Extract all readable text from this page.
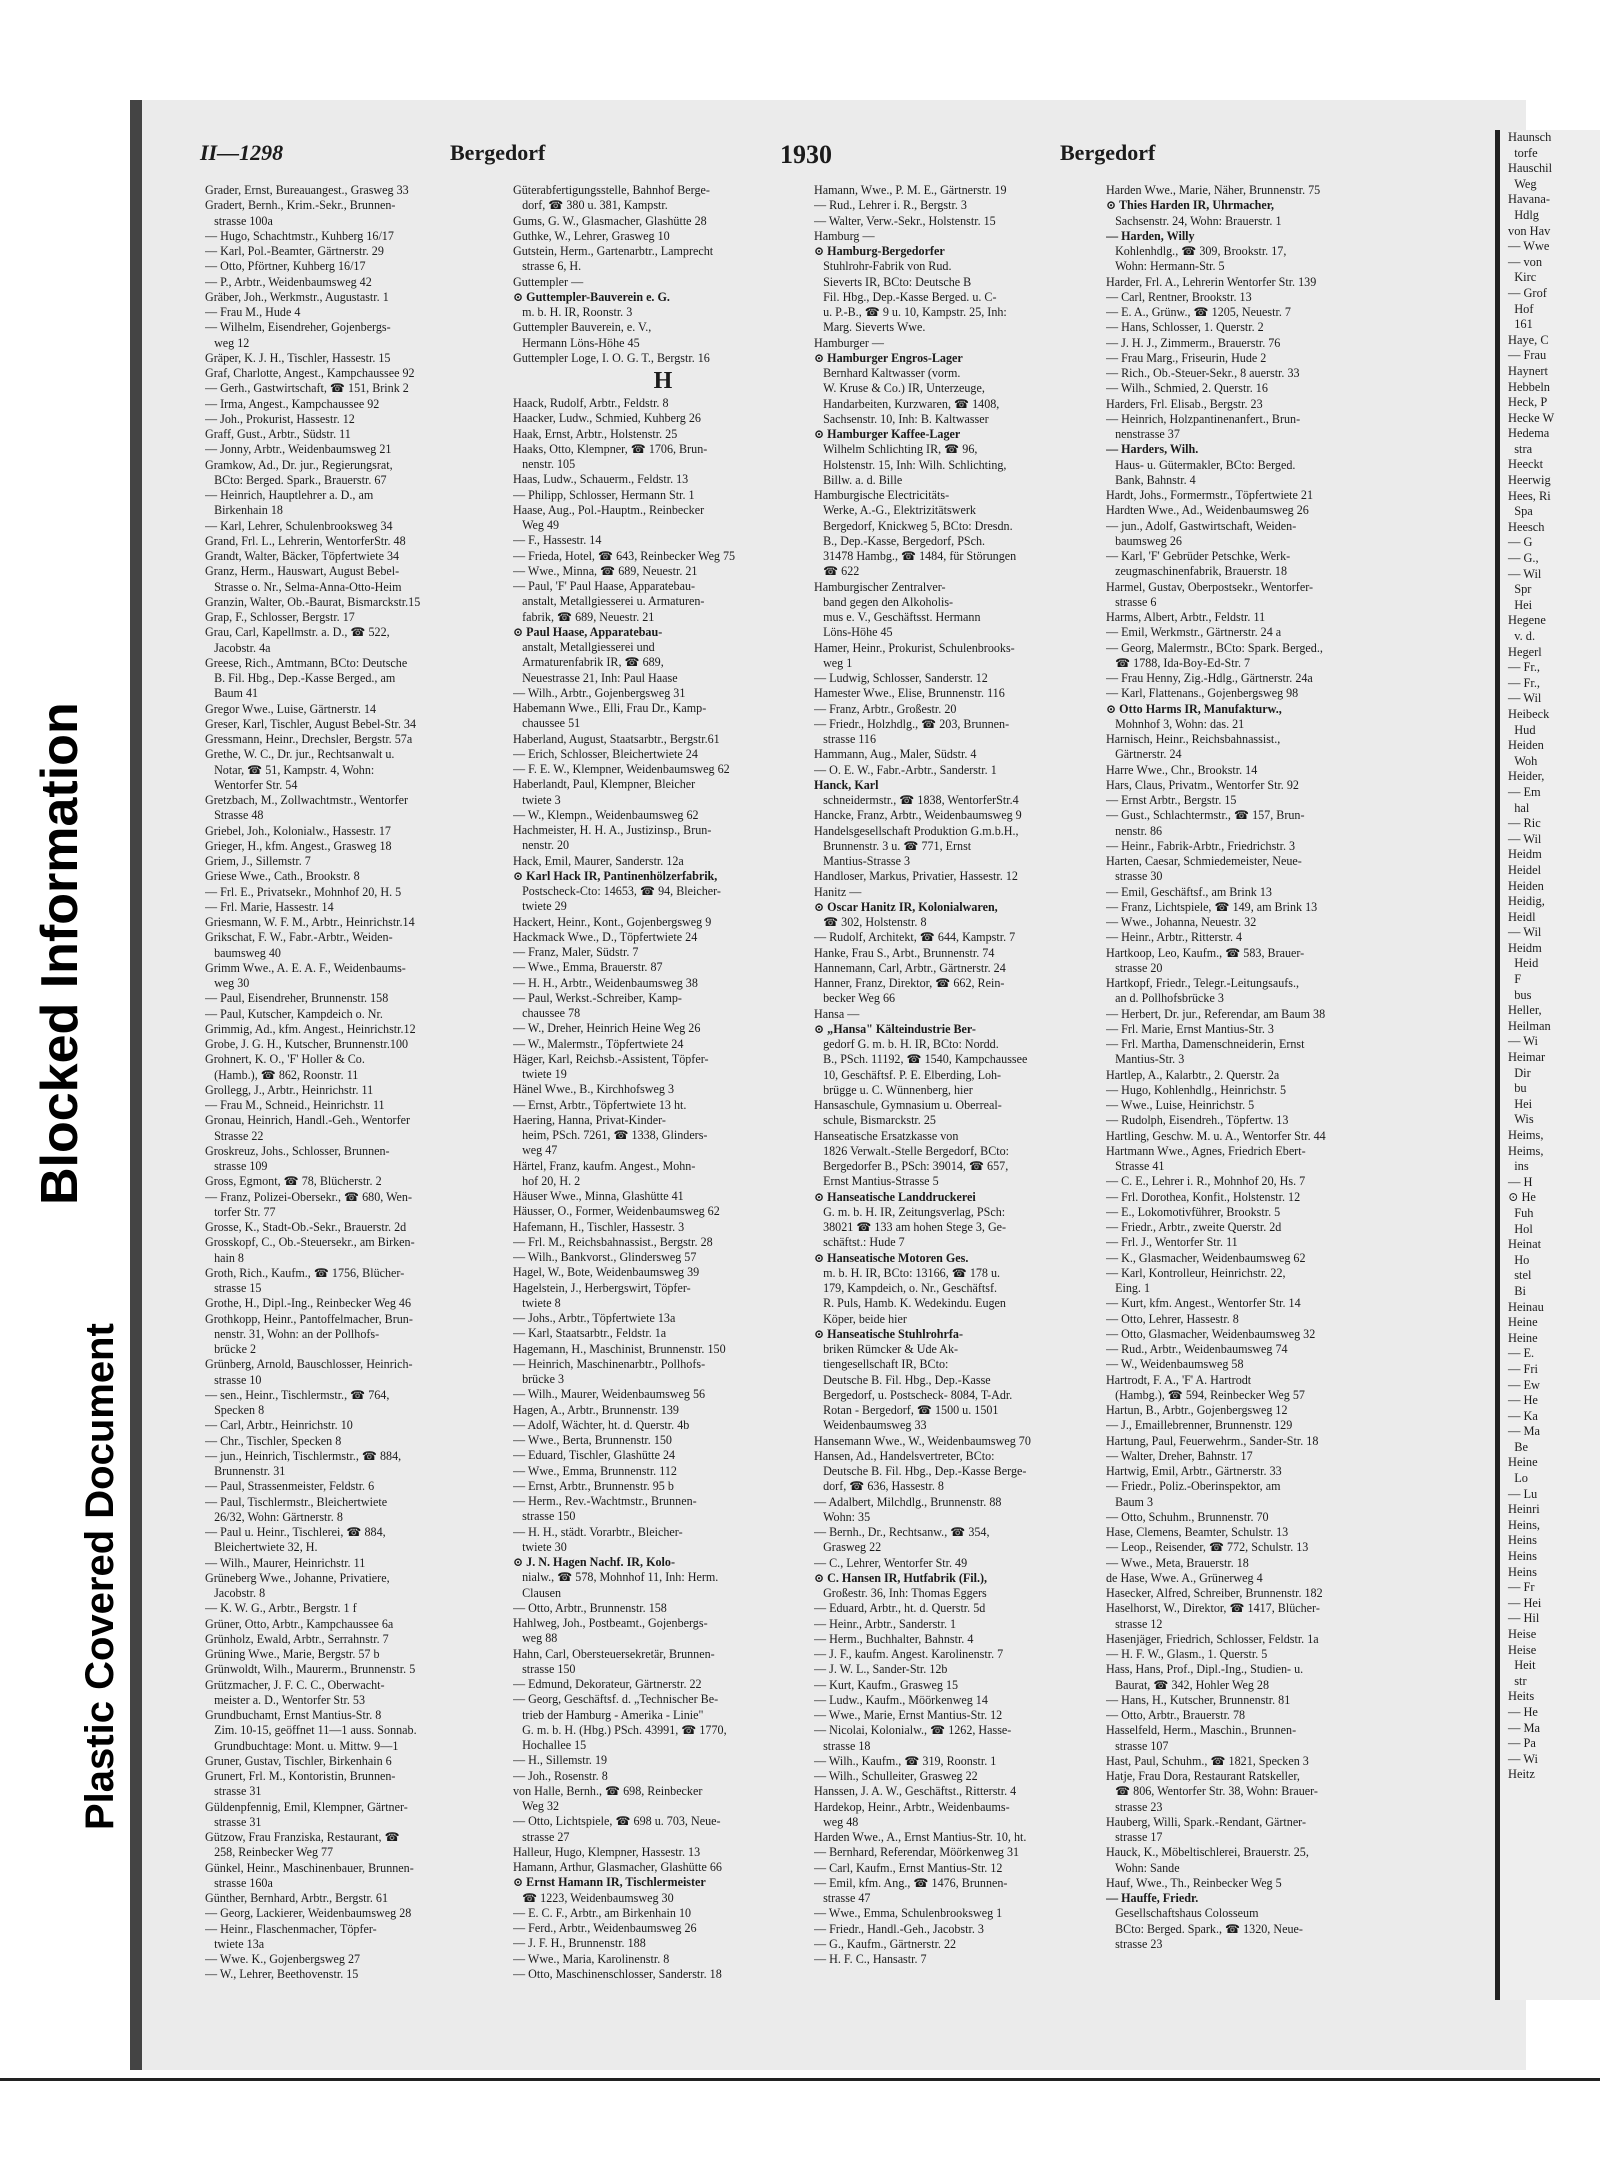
Blocked Information
Plastic Covered Document
Haunsch
torfe
Hauschil
Weg
Havana-
Hdlg
von Hav
— Wwe
— von
Kirc
— Grof
Hof
161
Haye, C
— Frau
Haynert
Hebbeln
Heck, P
Hecke W
Hedema
stra
Heeckt
Heerwig
Hees, Ri
Spa
Heesch
— G
— G.,
— Wil
Spr
Hei
Hegene
v. d.
Hegerl
— Fr.,
— Fr.,
— Wil
Heibeck
Hud
Heiden
Woh
Heider,
— Em
hal
— Ric
— Wil
Heidm
Heidel
Heiden
Heidig,
Heidl
— Wil
Heidm
Heid
F
bus
Heller,
Heilman
— Wi
Heimar
Dir
bu
Hei
Wis
Heims,
Heims,
ins
— H
⊙ He
Fuh
Hol
Heinat
Ho
stel
Bi
Heinau
Heine
Heine
— E.
— Fri
— Ew
— He
— Ka
— Ma
Be
Heine
Lo
— Lu
Heinri
Heins,
Heins
Heins
Heins
— Fr
— Hei
— Hil
Heise
Heise
Heit
str
Heits
— He
— Ma
— Pa
— Wi
Heitz
II—1298	Bergedorf	1930	Bergedorf
Grader, Ernst, Bureauangest., Grasweg 33
Gradert, Bernh., Krim.-Sekr., Brunnen-
strasse 100a
— Hugo, Schachtmstr., Kuhberg 16/17
— Karl, Pol.-Beamter, Gärtnerstr. 29
— Otto, Pförtner, Kuhberg 16/17
— P., Arbtr., Weidenbaumsweg 42
Gräber, Joh., Werkmstr., Augustastr. 1
— Frau M., Hude 4
— Wilhelm, Eisendreher, Gojenbergs-
weg 12
Gräper, K. J. H., Tischler, Hassestr. 15
Graf, Charlotte, Angest., Kampchaussee 92
— Gerh., Gastwirtschaft, ☎ 151, Brink 2
— Irma, Angest., Kampchaussee 92
— Joh., Prokurist, Hassestr. 12
Graff, Gust., Arbtr., Südstr. 11
— Jonny, Arbtr., Weidenbaumsweg 21
Gramkow, Ad., Dr. jur., Regierungsrat,
BCto: Berged. Spark., Brauerstr. 67
— Heinrich, Hauptlehrer a. D., am
Birkenhain 18
— Karl, Lehrer, Schulenbrooksweg 34
Grand, Frl. L., Lehrerin, WentorferStr. 48
Grandt, Walter, Bäcker, Töpfertwiete 34
Granz, Herm., Hauswart, August Bebel-
Strasse o. Nr., Selma-Anna-Otto-Heim
Granzin, Walter, Ob.-Baurat, Bismarckstr.15
Grap, F., Schlosser, Bergstr. 17
Grau, Carl, Kapellmstr. a. D., ☎ 522,
Jacobstr. 4a
Greese, Rich., Amtmann, BCto: Deutsche
B. Fil. Hbg., Dep.-Kasse Berged., am
Baum 41
Gregor Wwe., Luise, Gärtnerstr. 14
Greser, Karl, Tischler, August Bebel-Str. 34
Gressmann, Heinr., Drechsler, Bergstr. 57a
Grethe, W. C., Dr. jur., Rechtsanwalt u.
Notar, ☎ 51, Kampstr. 4, Wohn:
Wentorfer Str. 54
Gretzbach, M., Zollwachtmstr., Wentorfer
Strasse 48
Griebel, Joh., Kolonialw., Hassestr. 17
Grieger, H., kfm. Angest., Grasweg 18
Griem, J., Sillemstr. 7
Griese Wwe., Cath., Brookstr. 8
— Frl. E., Privatsekr., Mohnhof 20, H. 5
— Frl. Marie, Hassestr. 14
Griesmann, W. F. M., Arbtr., Heinrichstr.14
Grikschat, F. W., Fabr.-Arbtr., Weiden-
baumsweg 40
Grimm Wwe., A. E. A. F., Weidenbaums-
weg 30
— Paul, Eisendreher, Brunnenstr. 158
— Paul, Kutscher, Kampdeich o. Nr.
Grimmig, Ad., kfm. Angest., Heinrichstr.12
Grobe, J. G. H., Kutscher, Brunnenstr.100
Grohnert, K. O., 'F' Holler & Co.
(Hamb.), ☎ 862, Roonstr. 11
Grollegg, J., Arbtr., Heinrichstr. 11
— Frau M., Schneid., Heinrichstr. 11
Gronau, Heinrich, Handl.-Geh., Wentorfer
Strasse 22
Groskreuz, Johs., Schlosser, Brunnen-
strasse 109
Gross, Egmont, ☎ 78, Blücherstr. 2
— Franz, Polizei-Obersekr., ☎ 680, Wen-
torfer Str. 77
Grosse, K., Stadt-Ob.-Sekr., Brauerstr. 2d
Grosskopf, C., Ob.-Steuersekr., am Birken-
hain 8
Groth, Rich., Kaufm., ☎ 1756, Blücher-
strasse 15
Grothe, H., Dipl.-Ing., Reinbecker Weg 46
Grothkopp, Heinr., Pantoffelmacher, Brun-
nenstr. 31, Wohn: an der Pollhofs-
brücke 2
Grünberg, Arnold, Bauschlosser, Heinrich-
strasse 10
— sen., Heinr., Tischlermstr., ☎ 764,
Specken 8
— Carl, Arbtr., Heinrichstr. 10
— Chr., Tischler, Specken 8
— jun., Heinrich, Tischlermstr., ☎ 884,
Brunnenstr. 31
— Paul, Strassenmeister, Feldstr. 6
— Paul, Tischlermstr., Bleichertwiete
26/32, Wohn: Gärtnerstr. 8
— Paul u. Heinr., Tischlerei, ☎ 884,
Bleichertwiete 32, H.
— Wilh., Maurer, Heinrichstr. 11
Grüneberg Wwe., Johanne, Privatiere,
Jacobstr. 8
— K. W. G., Arbtr., Bergstr. 1 f
Grüner, Otto, Arbtr., Kampchaussee 6a
Grünholz, Ewald, Arbtr., Serrahnstr. 7
Grüning Wwe., Marie, Bergstr. 57 b
Grünwoldt, Wilh., Maurerm., Brunnenstr. 5
Grützmacher, J. F. C. C., Oberwacht-
meister a. D., Wentorfer Str. 53
Grundbuchamt, Ernst Mantius-Str. 8
Zim. 10-15, geöffnet 11—1 auss. Sonnab.
Grundbuchtage: Mont. u. Mittw. 9—1
Gruner, Gustav, Tischler, Birkenhain 6
Grunert, Frl. M., Kontoristin, Brunnen-
strasse 31
Güldenpfennig, Emil, Klempner, Gärtner-
strasse 31
Gützow, Frau Franziska, Restaurant, ☎
258, Reinbecker Weg 77
Günkel, Heinr., Maschinenbauer, Brunnen-
strasse 160a
Günther, Bernhard, Arbtr., Bergstr. 61
— Georg, Lackierer, Weidenbaumsweg 28
— Heinr., Flaschenmacher, Töpfer-
twiete 13a
— Wwe. K., Gojenbergsweg 27
— W., Lehrer, Beethovenstr. 15
Güterabfertigungsstelle, Bahnhof Berge-
dorf, ☎ 380 u. 381, Kampstr.
Gums, G. W., Glasmacher, Glashütte 28
Guthke, W., Lehrer, Grasweg 10
Gutstein, Herm., Gartenarbtr., Lamprecht
strasse 6, H.
Guttempler —
⊙ Guttempler-Bauverein e. G.
m. b. H. IR, Roonstr. 3
Guttempler Bauverein, e. V.,
Hermann Löns-Höhe 45
Guttempler Loge, I. O. G. T., Bergstr. 16
H
Haack, Rudolf, Arbtr., Feldstr. 8
Haacker, Ludw., Schmied, Kuhberg 26
Haak, Ernst, Arbtr., Holstenstr. 25
Haaks, Otto, Klempner, ☎ 1706, Brun-
nenstr. 105
Haas, Ludw., Schauerm., Feldstr. 13
— Philipp, Schlosser, Hermann Str. 1
Haase, Aug., Pol.-Hauptm., Reinbecker
Weg 49
— F., Hassestr. 14
— Frieda, Hotel, ☎ 643, Reinbecker Weg 75
— Wwe., Minna, ☎ 689, Neuestr. 21
— Paul, 'F' Paul Haase, Apparatebau-
anstalt, Metallgiesserei u. Armaturen-
fabrik, ☎ 689, Neuestr. 21
⊙ Paul Haase, Apparatebau-
anstalt, Metallgiesserei und
Armaturenfabrik IR, ☎ 689,
Neuestrasse 21, Inh: Paul Haase
— Wilh., Arbtr., Gojenbergsweg 31
Habemann Wwe., Elli, Frau Dr., Kamp-
chaussee 51
Haberland, August, Staatsarbtr., Bergstr.61
— Erich, Schlosser, Bleichertwiete 24
— F. E. W., Klempner, Weidenbaumsweg 62
Haberlandt, Paul, Klempner, Bleicher
twiete 3
— W., Klempn., Weidenbaumsweg 62
Hachmeister, H. H. A., Justizinsp., Brun-
nenstr. 20
Hack, Emil, Maurer, Sanderstr. 12a
⊙ Karl Hack IR, Pantinenhölzerfabrik,
Postscheck-Cto: 14653, ☎ 94, Bleicher-
twiete 29
Hackert, Heinr., Kont., Gojenbergsweg 9
Hackmack Wwe., D., Töpfertwiete 24
— Franz, Maler, Südstr. 7
— Wwe., Emma, Brauerstr. 87
— H. H., Arbtr., Weidenbaumsweg 38
— Paul, Werkst.-Schreiber, Kamp-
chaussee 78
— W., Dreher, Heinrich Heine Weg 26
— W., Malermstr., Töpfertwiete 24
Häger, Karl, Reichsb.-Assistent, Töpfer-
twiete 19
Hänel Wwe., B., Kirchhofsweg 3
— Ernst, Arbtr., Töpfertwiete 13 ht.
Haering, Hanna, Privat-Kinder-
heim, PSch. 7261, ☎ 1338, Glinders-
weg 47
Härtel, Franz, kaufm. Angest., Mohn-
hof 20, H. 2
Häuser Wwe., Minna, Glashütte 41
Häusser, O., Former, Weidenbaumsweg 62
Hafemann, H., Tischler, Hassestr. 3
— Frl. M., Reichsbahnassist., Bergstr. 28
— Wilh., Bankvorst., Glindersweg 57
Hagel, W., Bote, Weidenbaumsweg 39
Hagelstein, J., Herbergswirt, Töpfer-
twiete 8
— Johs., Arbtr., Töpfertwiete 13a
— Karl, Staatsarbtr., Feldstr. 1a
Hagemann, H., Maschinist, Brunnenstr. 150
— Heinrich, Maschinenarbtr., Pollhofs-
brücke 3
— Wilh., Maurer, Weidenbaumsweg 56
Hagen, A., Arbtr., Brunnenstr. 139
— Adolf, Wächter, ht. d. Querstr. 4b
— Wwe., Berta, Brunnenstr. 150
— Eduard, Tischler, Glashütte 24
— Wwe., Emma, Brunnenstr. 112
— Ernst, Arbtr., Brunnenstr. 95 b
— Herm., Rev.-Wachtmstr., Brunnen-
strasse 150
— H. H., städt. Vorarbtr., Bleicher-
twiete 30
⊙ J. N. Hagen Nachf. IR, Kolo-
nialw., ☎ 578, Mohnhof 11, Inh: Herm.
Clausen
— Otto, Arbtr., Brunnenstr. 158
Hahlweg, Joh., Postbeamt., Gojenbergs-
weg 88
Hahn, Carl, Obersteuersekretär, Brunnen-
strasse 150
— Edmund, Dekorateur, Gärtnerstr. 22
— Georg, Geschäftsf. d. „Technischer Be-
trieb der Hamburg - Amerika - Linie"
G. m. b. H. (Hbg.) PSch. 43991, ☎ 1770,
Hochallee 15
— H., Sillemstr. 19
— Joh., Rosenstr. 8
von Halle, Bernh., ☎ 698, Reinbecker
Weg 32
— Otto, Lichtspiele, ☎ 698 u. 703, Neue-
strasse 27
Halleur, Hugo, Klempner, Hassestr. 13
Hamann, Arthur, Glasmacher, Glashütte 66
⊙ Ernst Hamann IR, Tischlermeister
☎ 1223, Weidenbaumsweg 30
— E. C. F., Arbtr., am Birkenhain 10
— Ferd., Arbtr., Weidenbaumsweg 26
— J. F. H., Brunnenstr. 188
— Wwe., Maria, Karolinenstr. 8
— Otto, Maschinenschlosser, Sanderstr. 18
Hamann, Wwe., P. M. E., Gärtnerstr. 19
— Rud., Lehrer i. R., Bergstr. 3
— Walter, Verw.-Sekr., Holstenstr. 15
Hamburg —
⊙ Hamburg-Bergedorfer
Stuhlrohr-Fabrik von Rud.
Sieverts IR, BCto: Deutsche B
Fil. Hbg., Dep.-Kasse Berged. u. C-
u. P.-B., ☎ 9 u. 10, Kampstr. 25, Inh:
Marg. Sieverts Wwe.
Hamburger —
⊙ Hamburger Engros-Lager
Bernhard Kaltwasser (vorm.
W. Kruse & Co.) IR, Unterzeuge,
Handarbeiten, Kurzwaren, ☎ 1408,
Sachsenstr. 10, Inh: B. Kaltwasser
⊙ Hamburger Kaffee-Lager
Wilhelm Schlichting IR, ☎ 96,
Holstenstr. 15, Inh: Wilh. Schlichting,
Billw. a. d. Bille
Hamburgische Electricitäts-
Werke, A.-G., Elektrizitätswerk
Bergedorf, Knickweg 5, BCto: Dresdn.
B., Dep.-Kasse, Bergedorf, PSch.
31478 Hambg., ☎ 1484, für Störungen
☎ 622
Hamburgischer Zentralver-
band gegen den Alkoholis-
mus e. V., Geschäftsst. Hermann
Löns-Höhe 45
Hamer, Heinr., Prokurist, Schulenbrooks-
weg 1
— Ludwig, Schlosser, Sanderstr. 12
Hamester Wwe., Elise, Brunnenstr. 116
— Franz, Arbtr., Großestr. 20
— Friedr., Holzhdlg., ☎ 203, Brunnen-
strasse 116
Hammann, Aug., Maler, Südstr. 4
— O. E. W., Fabr.-Arbtr., Sanderstr. 1
Hanck, Karl
schneidermstr., ☎ 1838, WentorferStr.4
Hancke, Franz, Arbtr., Weidenbaumsweg 9
Handelsgesellschaft Produktion G.m.b.H.,
Brunnenstr. 3 u. ☎ 771, Ernst
Mantius-Strasse 3
Handloser, Markus, Privatier, Hassestr. 12
Hanitz —
⊙ Oscar Hanitz IR, Kolonialwaren,
☎ 302, Holstenstr. 8
— Rudolf, Architekt, ☎ 644, Kampstr. 7
Hanke, Frau S., Arbt., Brunnenstr. 74
Hannemann, Carl, Arbtr., Gärtnerstr. 24
Hanner, Franz, Direktor, ☎ 662, Rein-
becker Weg 66
Hansa —
⊙ „Hansa" Kälteindustrie Ber-
gedorf G. m. b. H. IR, BCto: Nordd.
B., PSch. 11192, ☎ 1540, Kampchaussee
10, Geschäftsf. P. E. Elberding, Loh-
brügge u. C. Wünnenberg, hier
Hansaschule, Gymnasium u. Oberreal-
schule, Bismarckstr. 25
Hanseatische Ersatzkasse von
1826 Verwalt.-Stelle Bergedorf, BCto:
Bergedorfer B., PSch: 39014, ☎ 657,
Ernst Mantius-Strasse 5
⊙ Hanseatische Landdruckerei
G. m. b. H. IR, Zeitungsverlag, PSch:
38021 ☎ 133 am hohen Stege 3, Ge-
schäftst.: Hude 7
⊙ Hanseatische Motoren Ges.
m. b. H. IR, BCto: 13166, ☎ 178 u.
179, Kampdeich, o. Nr., Geschäftsf.
R. Puls, Hamb. K. Wedekindu. Eugen
Köper, beide hier
⊙ Hanseatische Stuhlrohrfa-
briken Rümcker & Ude Ak-
tiengesellschaft IR, BCto:
Deutsche B. Fil. Hbg., Dep.-Kasse
Bergedorf, u. Postscheck- 8084, T-Adr.
Rotan - Bergedorf, ☎ 1500 u. 1501
Weidenbaumsweg 33
Hansemann Wwe., W., Weidenbaumsweg 70
Hansen, Ad., Handelsvertreter, BCto:
Deutsche B. Fil. Hbg., Dep.-Kasse Berge-
dorf, ☎ 636, Hassestr. 8
— Adalbert, Milchdlg., Brunnenstr. 88
Wohn: 35
— Bernh., Dr., Rechtsanw., ☎ 354,
Grasweg 22
— C., Lehrer, Wentorfer Str. 49
⊙ C. Hansen IR, Hutfabrik (Fil.),
Großestr. 36, Inh: Thomas Eggers
— Eduard, Arbtr., ht. d. Querstr. 5d
— Heinr., Arbtr., Sanderstr. 1
— Herm., Buchhalter, Bahnstr. 4
— J. F., kaufm. Angest. Karolinenstr. 7
— J. W. L., Sander-Str. 12b
— Kurt, Kaufm., Grasweg 15
— Ludw., Kaufm., Möörkenweg 14
— Wwe., Marie, Ernst Mantius-Str. 12
— Nicolai, Kolonialw., ☎ 1262, Hasse-
strasse 18
— Wilh., Kaufm., ☎ 319, Roonstr. 1
— Wilh., Schulleiter, Grasweg 22
Hanssen, J. A. W., Geschäftst., Ritterstr. 4
Hardekop, Heinr., Arbtr., Weidenbaums-
weg 48
Harden Wwe., A., Ernst Mantius-Str. 10, ht.
— Bernhard, Referendar, Möörkenweg 31
— Carl, Kaufm., Ernst Mantius-Str. 12
— Emil, kfm. Ang., ☎ 1476, Brunnen-
strasse 47
— Wwe., Emma, Schulenbrooksweg 1
— Friedr., Handl.-Geh., Jacobstr. 3
— G., Kaufm., Gärtnerstr. 22
— H. F. C., Hansastr. 7
Harden Wwe., Marie, Näher, Brunnenstr. 75
⊙ Thies Harden IR, Uhrmacher,
Sachsenstr. 24, Wohn: Brauerstr. 1
— Harden, Willy
Kohlenhdlg., ☎ 309, Brookstr. 17,
Wohn: Hermann-Str. 5
Harder, Frl. A., Lehrerin Wentorfer Str. 139
— Carl, Rentner, Brookstr. 13
— E. A., Grünw., ☎ 1205, Neuestr. 7
— Hans, Schlosser, 1. Querstr. 2
— J. H. J., Zimmerm., Brauerstr. 76
— Frau Marg., Friseurin, Hude 2
— Rich., Ob.-Steuer-Sekr., 8 auerstr. 33
— Wilh., Schmied, 2. Querstr. 16
Harders, Frl. Elisab., Bergstr. 23
— Heinrich, Holzpantinenanfert., Brun-
nenstrasse 37
— Harders, Wilh.
Haus- u. Gütermakler, BCto: Berged.
Bank, Bahnstr. 4
Hardt, Johs., Formermstr., Töpfertwiete 21
Hardten Wwe., Ad., Weidenbaumsweg 26
— jun., Adolf, Gastwirtschaft, Weiden-
baumsweg 26
— Karl, 'F' Gebrüder Petschke, Werk-
zeugmaschinenfabrik, Brauerstr. 18
Harmel, Gustav, Oberpostsekr., Wentorfer-
strasse 6
Harms, Albert, Arbtr., Feldstr. 11
— Emil, Werkmstr., Gärtnerstr. 24 a
— Georg, Malermstr., BCto: Spark. Berged.,
☎ 1788, Ida-Boy-Ed-Str. 7
— Frau Henny, Zig.-Hdlg., Gärtnerstr. 24a
— Karl, Flattenans., Gojenbergsweg 98
⊙ Otto Harms IR, Manufakturw.,
Mohnhof 3, Wohn: das. 21
Harnisch, Heinr., Reichsbahnassist.,
Gärtnerstr. 24
Harre Wwe., Chr., Brookstr. 14
Hars, Claus, Privatm., Wentorfer Str. 92
— Ernst Arbtr., Bergstr. 15
— Gust., Schlachtermstr., ☎ 157, Brun-
nenstr. 86
— Heinr., Fabrik-Arbtr., Friedrichstr. 3
Harten, Caesar, Schmiedemeister, Neue-
strasse 30
— Emil, Geschäftsf., am Brink 13
— Franz, Lichtspiele, ☎ 149, am Brink 13
— Wwe., Johanna, Neuestr. 32
— Heinr., Arbtr., Ritterstr. 4
Hartkoop, Leo, Kaufm., ☎ 583, Brauer-
strasse 20
Hartkopf, Friedr., Telegr.-Leitungsaufs.,
an d. Pollhofsbrücke 3
— Herbert, Dr. jur., Referendar, am Baum 38
— Frl. Marie, Ernst Mantius-Str. 3
— Frl. Martha, Damenschneiderin, Ernst
Mantius-Str. 3
Hartlep, A., Kalarbtr., 2. Querstr. 2a
— Hugo, Kohlenhdlg., Heinrichstr. 5
— Wwe., Luise, Heinrichstr. 5
— Rudolph, Eisendreh., Töpfertw. 13
Hartling, Geschw. M. u. A., Wentorfer Str. 44
Hartmann Wwe., Agnes, Friedrich Ebert-
Strasse 41
— C. E., Lehrer i. R., Mohnhof 20, Hs. 7
— Frl. Dorothea, Konfit., Holstenstr. 12
— E., Lokomotivführer, Brookstr. 5
— Friedr., Arbtr., zweite Querstr. 2d
— Frl. J., Wentorfer Str. 11
— K., Glasmacher, Weidenbaumsweg 62
— Karl, Kontrolleur, Heinrichstr. 22,
Eing. 1
— Kurt, kfm. Angest., Wentorfer Str. 14
— Otto, Lehrer, Hassestr. 8
— Otto, Glasmacher, Weidenbaumsweg 32
— Rud., Arbtr., Weidenbaumsweg 74
— W., Weidenbaumsweg 58
Hartrodt, F. A., 'F' A. Hartrodt
(Hambg.), ☎ 594, Reinbecker Weg 57
Hartun, B., Arbtr., Gojenbergsweg 12
— J., Emaillebrenner, Brunnenstr. 129
Hartung, Paul, Feuerwehrm., Sander-Str. 18
— Walter, Dreher, Bahnstr. 17
Hartwig, Emil, Arbtr., Gärtnerstr. 33
— Friedr., Poliz.-Oberinspektor, am
Baum 3
— Otto, Schuhm., Brunnenstr. 70
Hase, Clemens, Beamter, Schulstr. 13
— Leop., Reisender, ☎ 772, Schulstr. 13
— Wwe., Meta, Brauerstr. 18
de Hase, Wwe. A., Grünerweg 4
Hasecker, Alfred, Schreiber, Brunnenstr. 182
Haselhorst, W., Direktor, ☎ 1417, Blücher-
strasse 12
Hasenjäger, Friedrich, Schlosser, Feldstr. 1a
— H. F. W., Glasm., 1. Querstr. 5
Hass, Hans, Prof., Dipl.-Ing., Studien- u.
Baurat, ☎ 342, Hohler Weg 28
— Hans, H., Kutscher, Brunnenstr. 81
— Otto, Arbtr., Brauerstr. 78
Hasselfeld, Herm., Maschin., Brunnen-
strasse 107
Hast, Paul, Schuhm., ☎ 1821, Specken 3
Hatje, Frau Dora, Restaurant Ratskeller,
☎ 806, Wentorfer Str. 38, Wohn: Brauer-
strasse 23
Hauberg, Willi, Spark.-Rendant, Gärtner-
strasse 17
Hauck, K., Möbeltischlerei, Brauerstr. 25,
Wohn: Sande
Hauf, Wwe., Th., Reinbecker Weg 5
— Hauffe, Friedr.
Gesellschaftshaus Colosseum
BCto: Berged. Spark., ☎ 1320, Neue-
strasse 23
